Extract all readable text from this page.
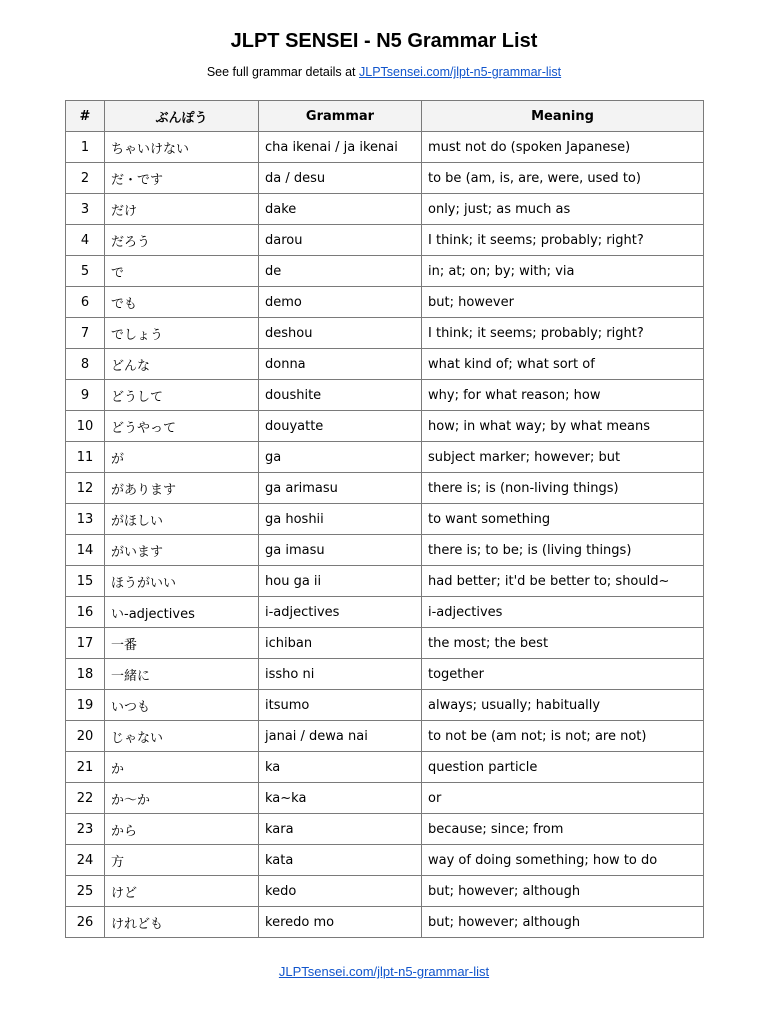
JLPT SENSEI - N5 Grammar List
See full grammar details at JLPTsensei.com/jlpt-n5-grammar-list
#	ぶんぽう	Grammar	Meaning
1	ちゃいけない	cha ikenai / ja ikenai	must not do (spoken Japanese)
2	だ・です	da / desu	to be (am, is, are, were, used to)
3	だけ	dake	only; just; as much as
4	だろう	darou	I think; it seems; probably; right?
5	で	de	in; at; on; by; with; via
6	でも	demo	but; however
7	でしょう	deshou	I think; it seems; probably; right?
8	どんな	donna	what kind of; what sort of
9	どうして	doushite	why; for what reason; how
10	どうやって	douyatte	how; in what way; by what means
11	が	ga	subject marker; however; but
12	があります	ga arimasu	there is; is (non-living things)
13	がほしい	ga hoshii	to want something
14	がいます	ga imasu	there is; to be; is (living things)
15	ほうがいい	hou ga ii	had better; it'd be better to; should~
16	い-adjectives	i-adjectives	i-adjectives
17	一番	ichiban	the most; the best
18	一緒に	issho ni	together
19	いつも	itsumo	always; usually; habitually
20	じゃない	janai / dewa nai	to not be (am not; is not; are not)
21	か	ka	question particle
22	か～か	ka~ka	or
23	から	kara	because; since; from
24	方	kata	way of doing something; how to do
25	けど	kedo	but; however; although
26	けれども	keredo mo	but; however; although
JLPTsensei.com/jlpt-n5-grammar-list
